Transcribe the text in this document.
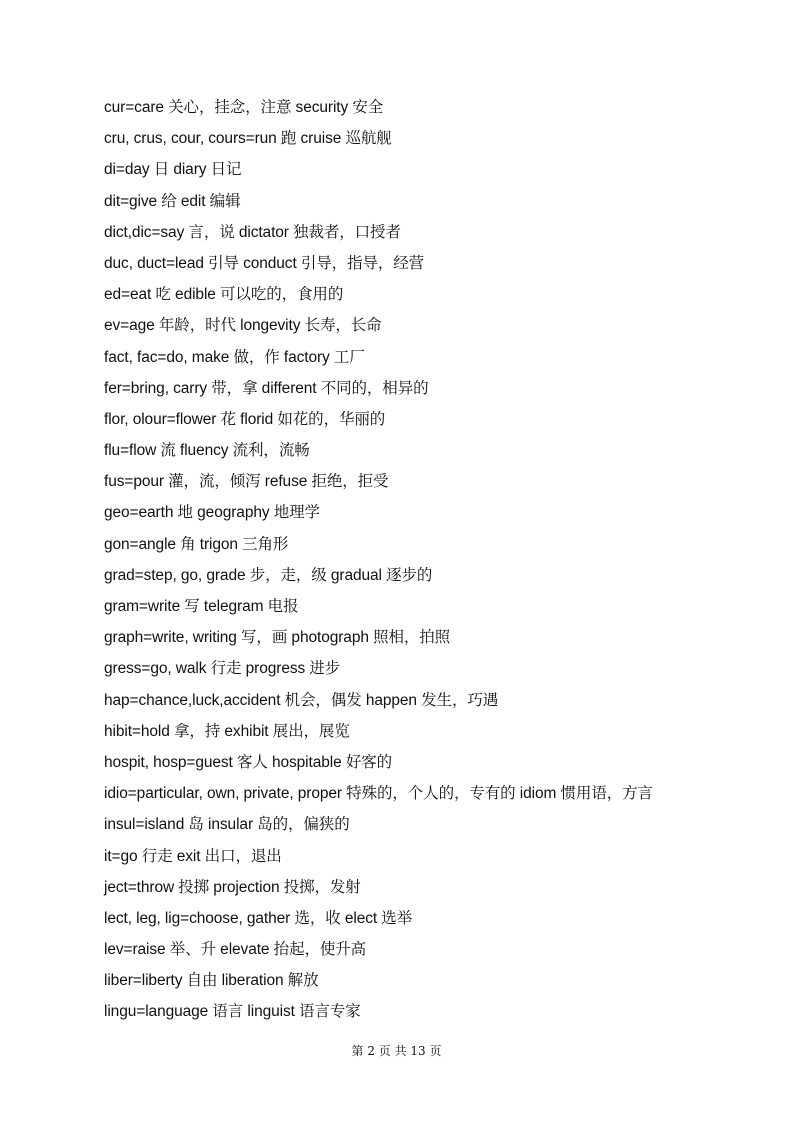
cur=care 关心，挂念，注意 security 安全
cru, crus, cour, cours=run 跑 cruise 巡航舰
di=day 日 diary 日记
dit=give 给 edit 编辑
dict,dic=say 言，说 dictator 独裁者，口授者
duc, duct=lead 引导 conduct 引导，指导，经营
ed=eat 吃 edible 可以吃的，食用的
ev=age 年龄，时代 longevity 长寿，长命
fact, fac=do, make 做，作 factory 工厂
fer=bring, carry 带，拿 different 不同的，相异的
flor, olour=flower 花 florid 如花的，华丽的
flu=flow 流 fluency 流利，流畅
fus=pour 灌，流，倾泻 refuse 拒绝，拒受
geo=earth 地 geography 地理学
gon=angle 角 trigon 三角形
grad=step, go, grade 步，走，级 gradual 逐步的
gram=write 写 telegram 电报
graph=write, writing 写，画 photograph 照相，拍照
gress=go, walk 行走 progress 进步
hap=chance,luck,accident 机会，偶发 happen 发生，巧遇
hibit=hold 拿，持 exhibit 展出，展览
hospit, hosp=guest 客人 hospitable 好客的
idio=particular, own, private, proper 特殊的，个人的，专有的 idiom 惯用语，方言
insul=island 岛 insular 岛的，偏狭的
it=go 行走 exit 出口，退出
ject=throw 投掷 projection 投掷，发射
lect, leg, lig=choose, gather 选，收 elect 选举
lev=raise 举、升 elevate 抬起，使升高
liber=liberty 自由 liberation 解放
lingu=language 语言 linguist 语言专家
第 2 页 共 13 页
